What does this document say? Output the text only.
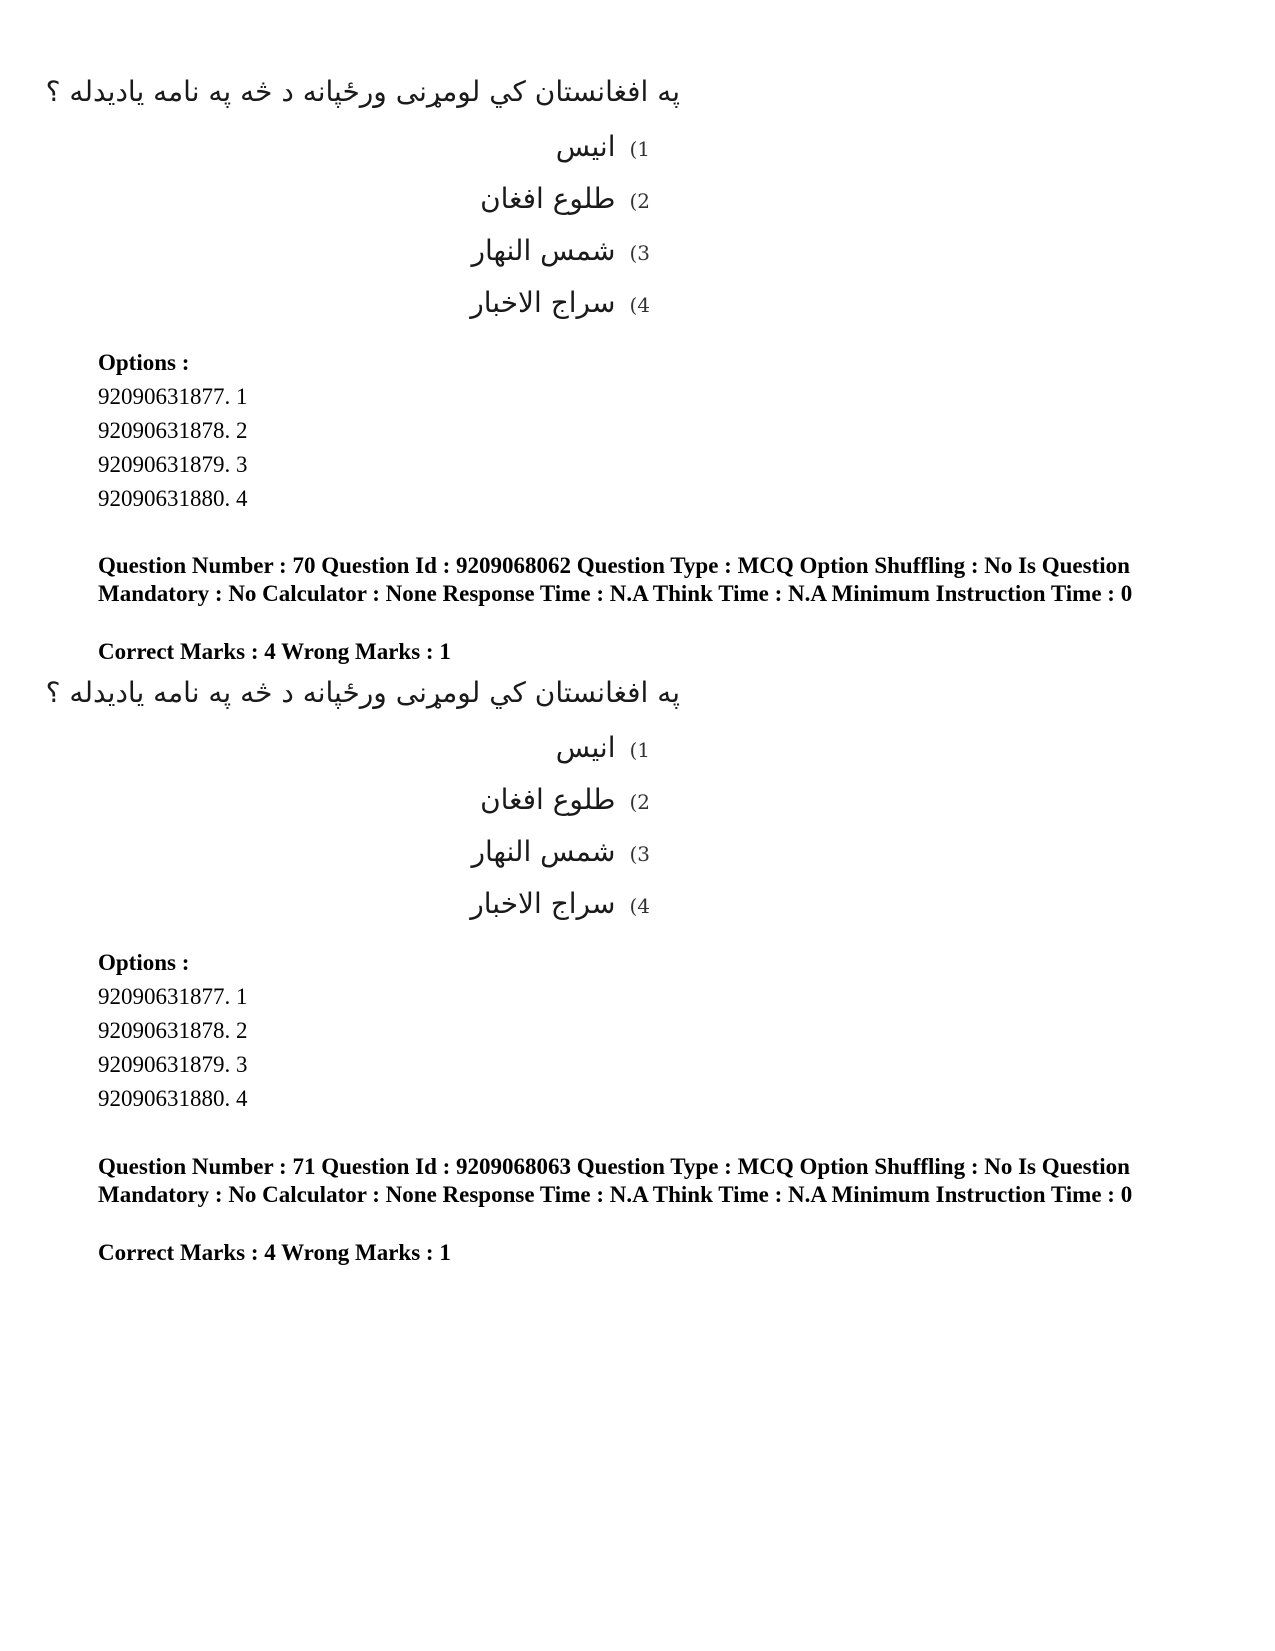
په افغانستان کي لومړنی ورځپانه د څه په نامه یادیدله ؟
(1انیس
(2طلوع افغان
(3شمس النهار
(4سراج الاخبار
Options :
92090631877. 1
92090631878. 2
92090631879. 3
92090631880. 4
Question Number : 70 Question Id : 9209068062 Question Type : MCQ Option Shuffling : No Is Question Mandatory : No Calculator : None Response Time : N.A Think Time : N.A Minimum Instruction Time : 0
Correct Marks : 4 Wrong Marks : 1
په افغانستان کي لومړنی ورځپانه د څه په نامه یادیدله ؟
(1انیس
(2طلوع افغان
(3شمس النهار
(4سراج الاخبار
Options :
92090631877. 1
92090631878. 2
92090631879. 3
92090631880. 4
Question Number : 71 Question Id : 9209068063 Question Type : MCQ Option Shuffling : No Is Question Mandatory : No Calculator : None Response Time : N.A Think Time : N.A Minimum Instruction Time : 0
Correct Marks : 4 Wrong Marks : 1
